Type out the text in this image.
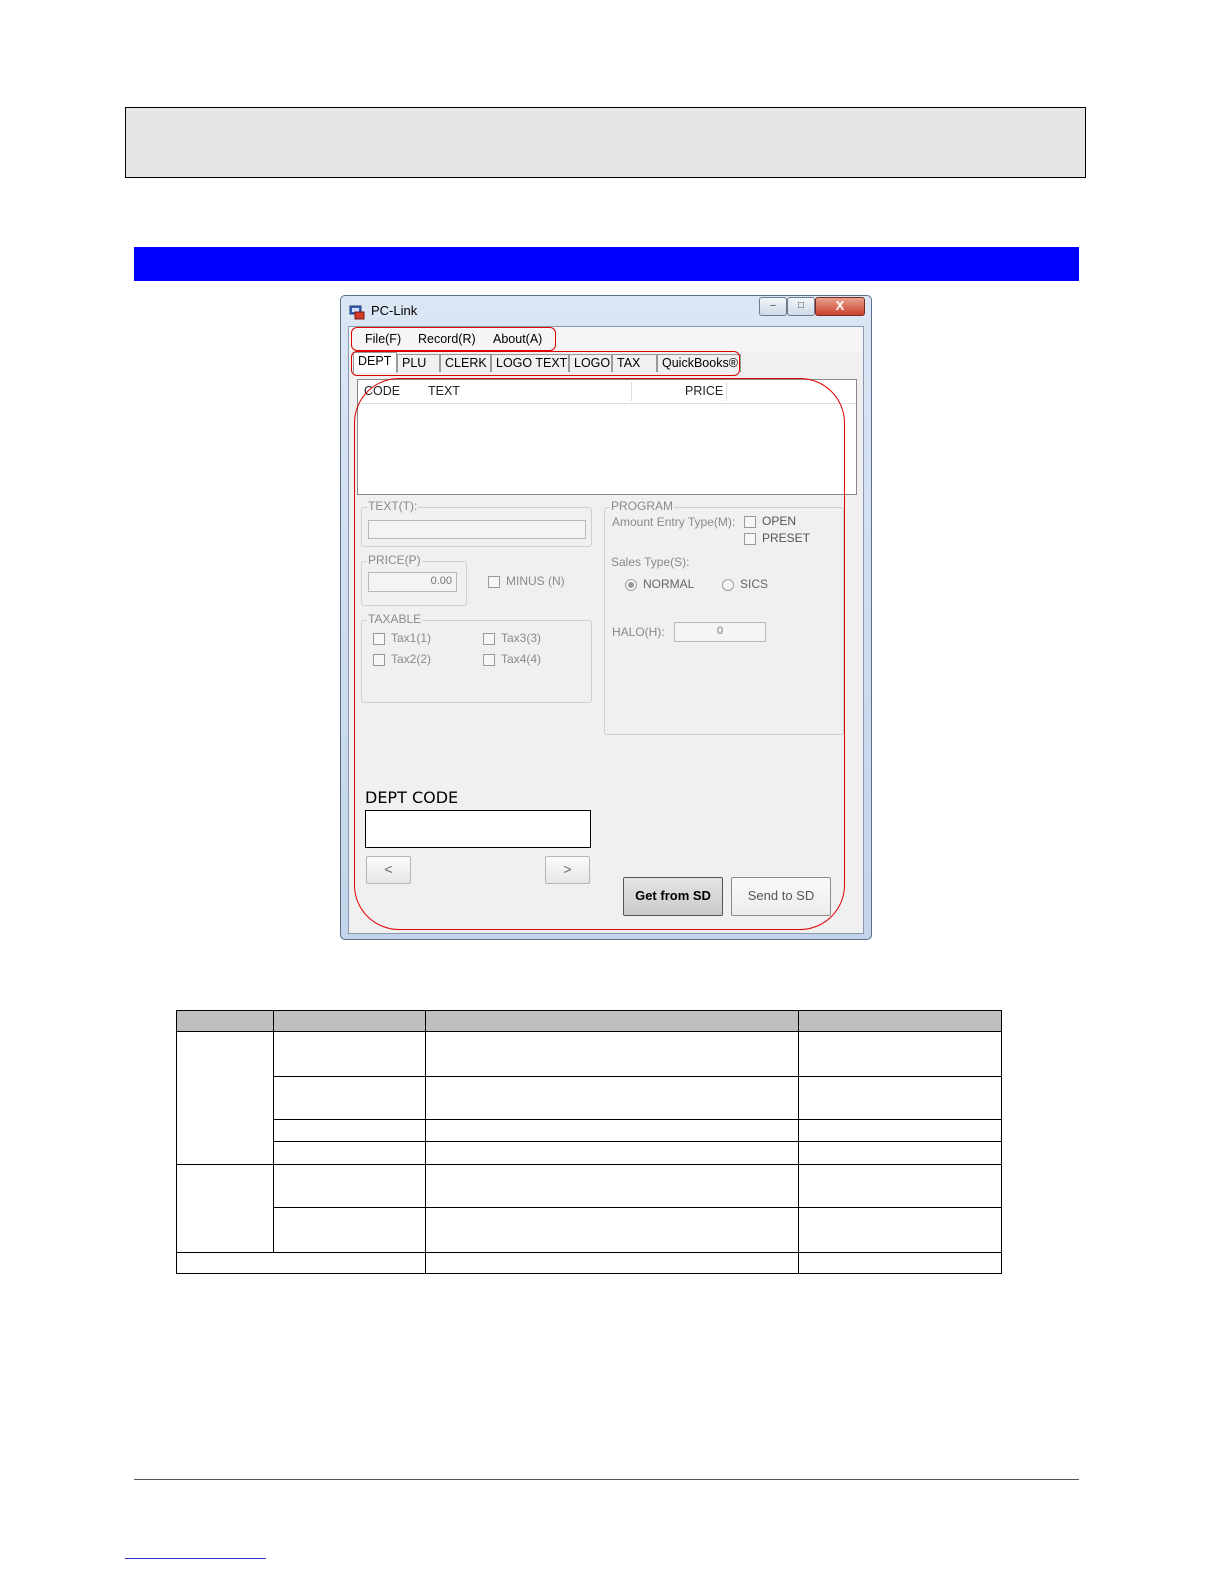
PC-Link	–	□	X
File(F) Record(R) About(A)
DEPT PLU	CLERK LOGO TEXT LOGO TAX	QuickBooks®
CODE TEXT	PRICE
TEXT(T):
PRICE(P)
0.00	MINUS (N)
TAXABLE
Tax1(1)	Tax3(3)
Tax2(2)	Tax4(4)
PROGRAM
Amount Entry Type(M): OPEN
PRESET
Sales Type(S):
NORMAL	SICS
HALO(H):	0
DEPT CODE
<	>
Get from SD	Send to SD
